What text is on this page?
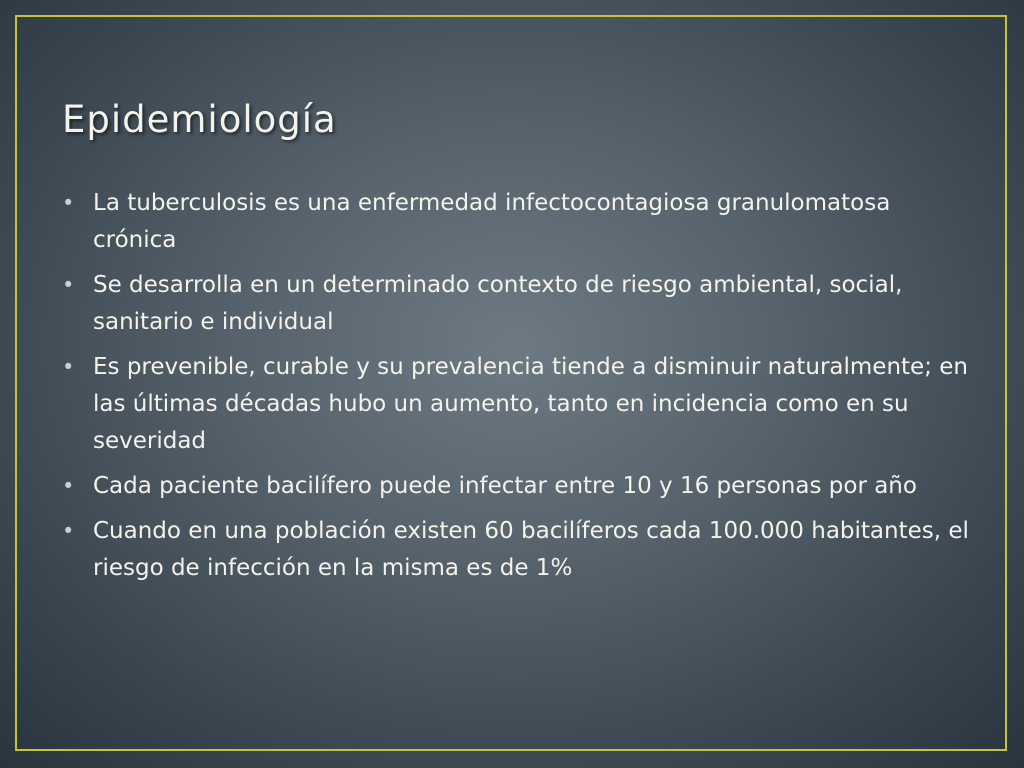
Epidemiología
• La tuberculosis es una enfermedad infectocontagiosa granulomatosa crónica
• Se desarrolla en un determinado contexto de riesgo ambiental, social, sanitario e individual
• Es prevenible, curable y su prevalencia tiende a disminuir naturalmente; en las últimas décadas hubo un aumento, tanto en incidencia como en su severidad
• Cada paciente bacilífero puede infectar entre 10 y 16 personas por año
• Cuando en una población existen 60 bacilíferos cada 100.000 habitantes, el riesgo de infección en la misma es de 1%
